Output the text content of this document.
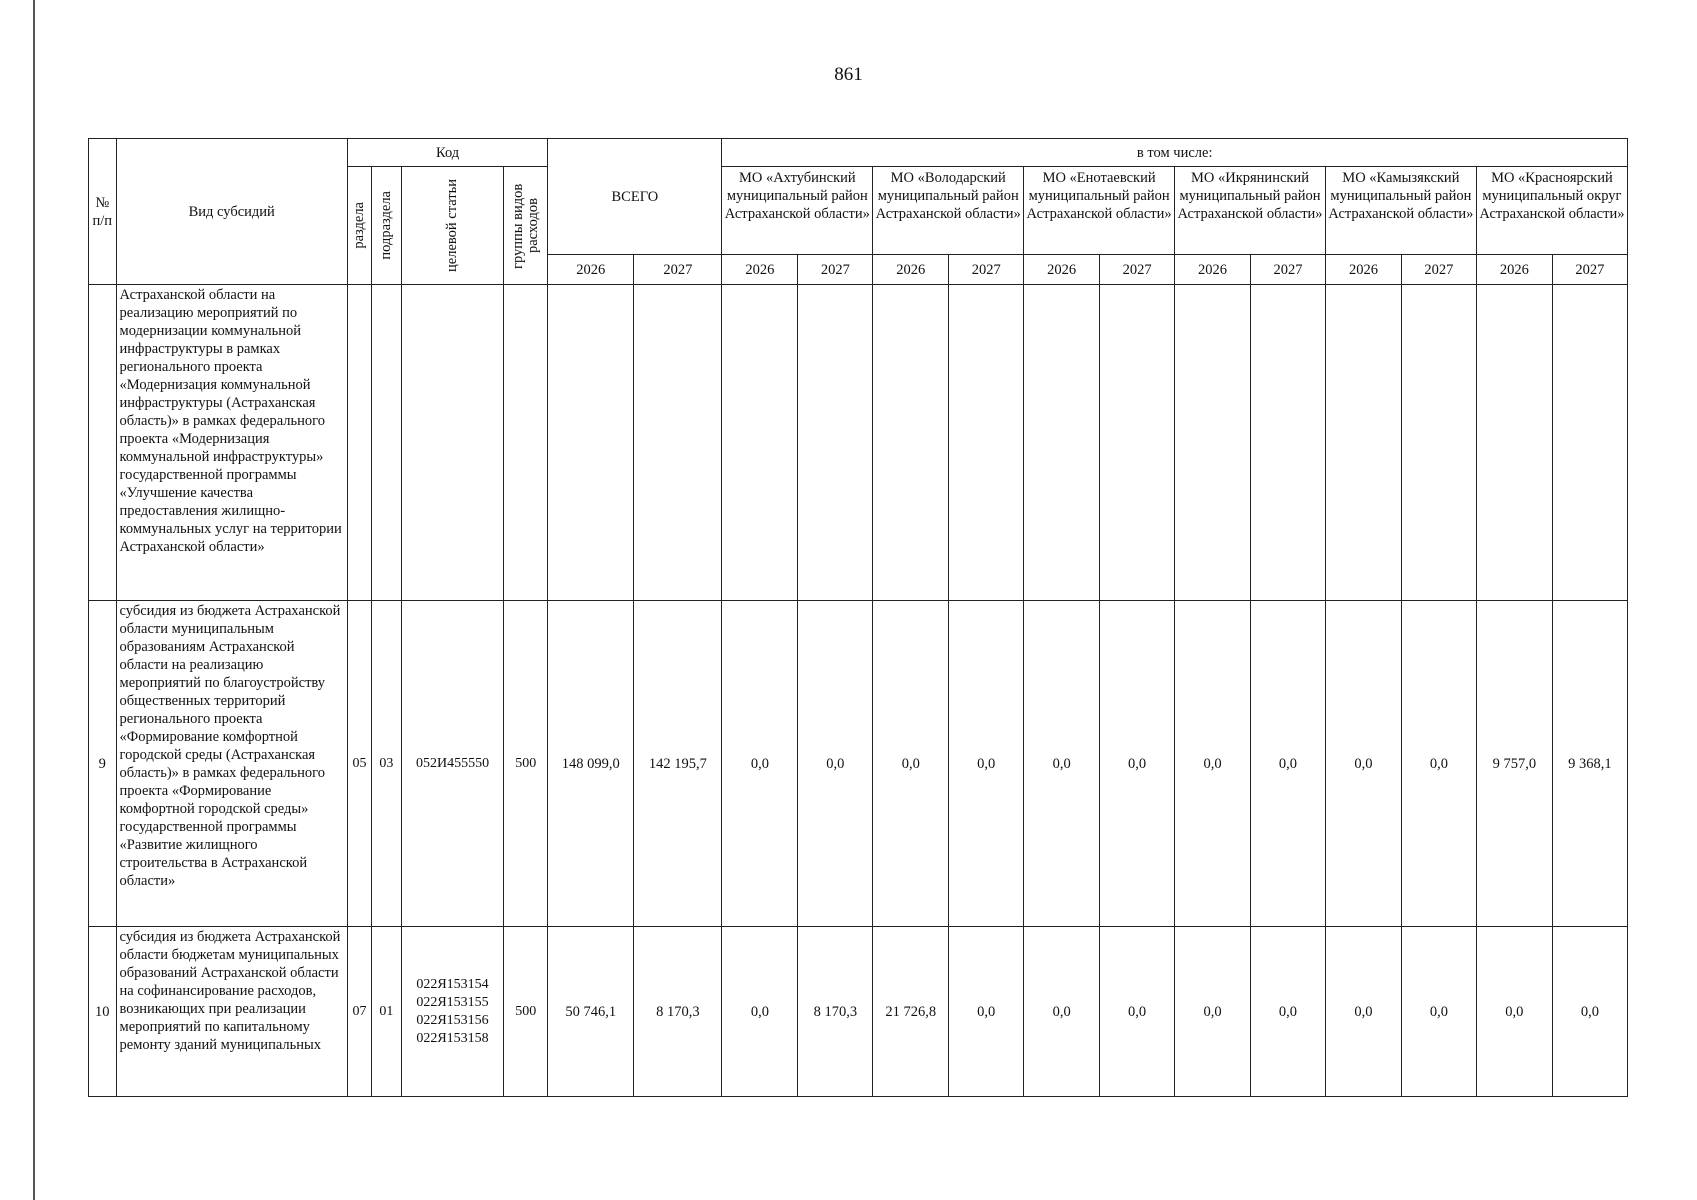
861
№ п/п	Вид субсидий	Код				ВСЕГО		в том числе:											

		раздела	подраздела	целевой статьи	группы видов расходов			МО «Ахтубинский муниципальный район Астраханской области»		МО «Володарский муниципальный район Астраханской области»		МО «Енотаевский муниципальный район Астраханской области»		МО «Икрянинский муниципальный район Астраханской области»		МО «Камызякский муниципальный район Астраханской области»		МО «Красноярский муниципальный округ Астраханской области»	
						2026	2027	2026	2027	2026	2027	2026	2027	2026	2027	2026	2027	2026	2027
	Астраханской области на реализацию мероприятий по модернизации коммунальной инфраструктуры в рамках регионального проекта «Модернизация коммунальной инфраструктуры (Астраханская область)» в рамках федерального проекта «Модернизация коммунальной инфраструктуры» государственной программы «Улучшение качества предоставления жилищно-коммунальных услуг на территории Астраханской области»																		
9	субсидия из бюджета Астраханской области муниципальным образованиям Астраханской области на реализацию мероприятий по благоустройству общественных территорий регионального проекта «Формирование комфортной городской среды (Астраханская область)» в рамках федерального проекта «Формирование комфортной городской среды» государственной программы «Развитие жилищного строительства в Астраханской области»	05	03	052И455550	500	148 099,0	142 195,7	0,0	0,0	0,0	0,0	0,0	0,0	0,0	0,0	0,0	0,0	9 757,0	9 368,1
10	субсидия из бюджета Астраханской области бюджетам муниципальных образований Астраханской области на софинансирование расходов, возникающих при реализации мероприятий по капитальному ремонту зданий муниципальных	07	01	022Я153154 022Я153155 022Я153156 022Я153158	500	50 746,1	8 170,3	0,0	8 170,3	21 726,8	0,0	0,0	0,0	0,0	0,0	0,0	0,0	0,0	0,0
